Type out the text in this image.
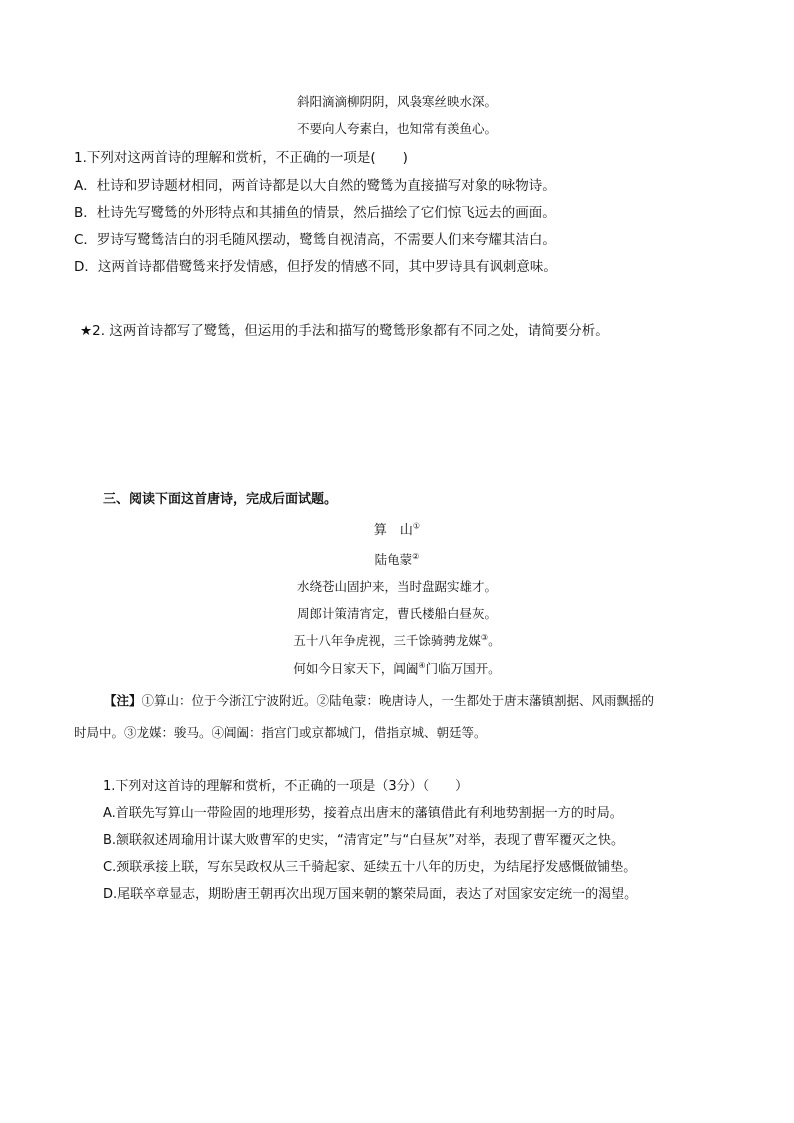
斜阳滴滴柳阴阴，风袅寒丝映水深。
不要向人夸素白，也知常有羡鱼心。
1.下列对这两首诗的理解和赏析，不正确的一项是(　　)
A．杜诗和罗诗题材相同，两首诗都是以大自然的鹭鸶为直接描写对象的咏物诗。
B．杜诗先写鹭鸶的外形特点和其捕鱼的情景，然后描绘了它们惊飞远去的画面。
C．罗诗写鹭鸶洁白的羽毛随风摆动，鹭鸶自视清高，不需要人们来夸耀其洁白。
D．这两首诗都借鹭鸶来抒发情感，但抒发的情感不同，其中罗诗具有讽刺意味。
★2. 这两首诗都写了鹭鸶，但运用的手法和描写的鹭鸶形象都有不同之处，请简要分析。
三、阅读下面这首唐诗，完成后面试题。
算　山①
陆龟蒙②
水绕苍山固护来，当时盘踞实雄才。
周郎计策清宵定，曹氏楼船白昼灰。
五十八年争虎视，三千馀骑骋龙媒③。
何如今日家天下，阊阖④门临万国开。
【注】①算山：位于今浙江宁波附近。②陆龟蒙：晚唐诗人，一生都处于唐末藩镇割据、风雨飘摇的
时局中。③龙媒：骏马。④阊阖：指宫门或京都城门，借指京城、朝廷等。
1.下列对这首诗的理解和赏析，不正确的一项是（3分）（　　）
A.首联先写算山一带险固的地理形势，接着点出唐末的藩镇借此有利地势割据一方的时局。
B.颔联叙述周瑜用计谋大败曹军的史实，“清宵定”与“白昼灰”对举，表现了曹军覆灭之快。
C.颈联承接上联，写东吴政权从三千骑起家、延续五十八年的历史，为结尾抒发感慨做铺垫。
D.尾联卒章显志，期盼唐王朝再次出现万国来朝的繁荣局面，表达了对国家安定统一的渴望。
